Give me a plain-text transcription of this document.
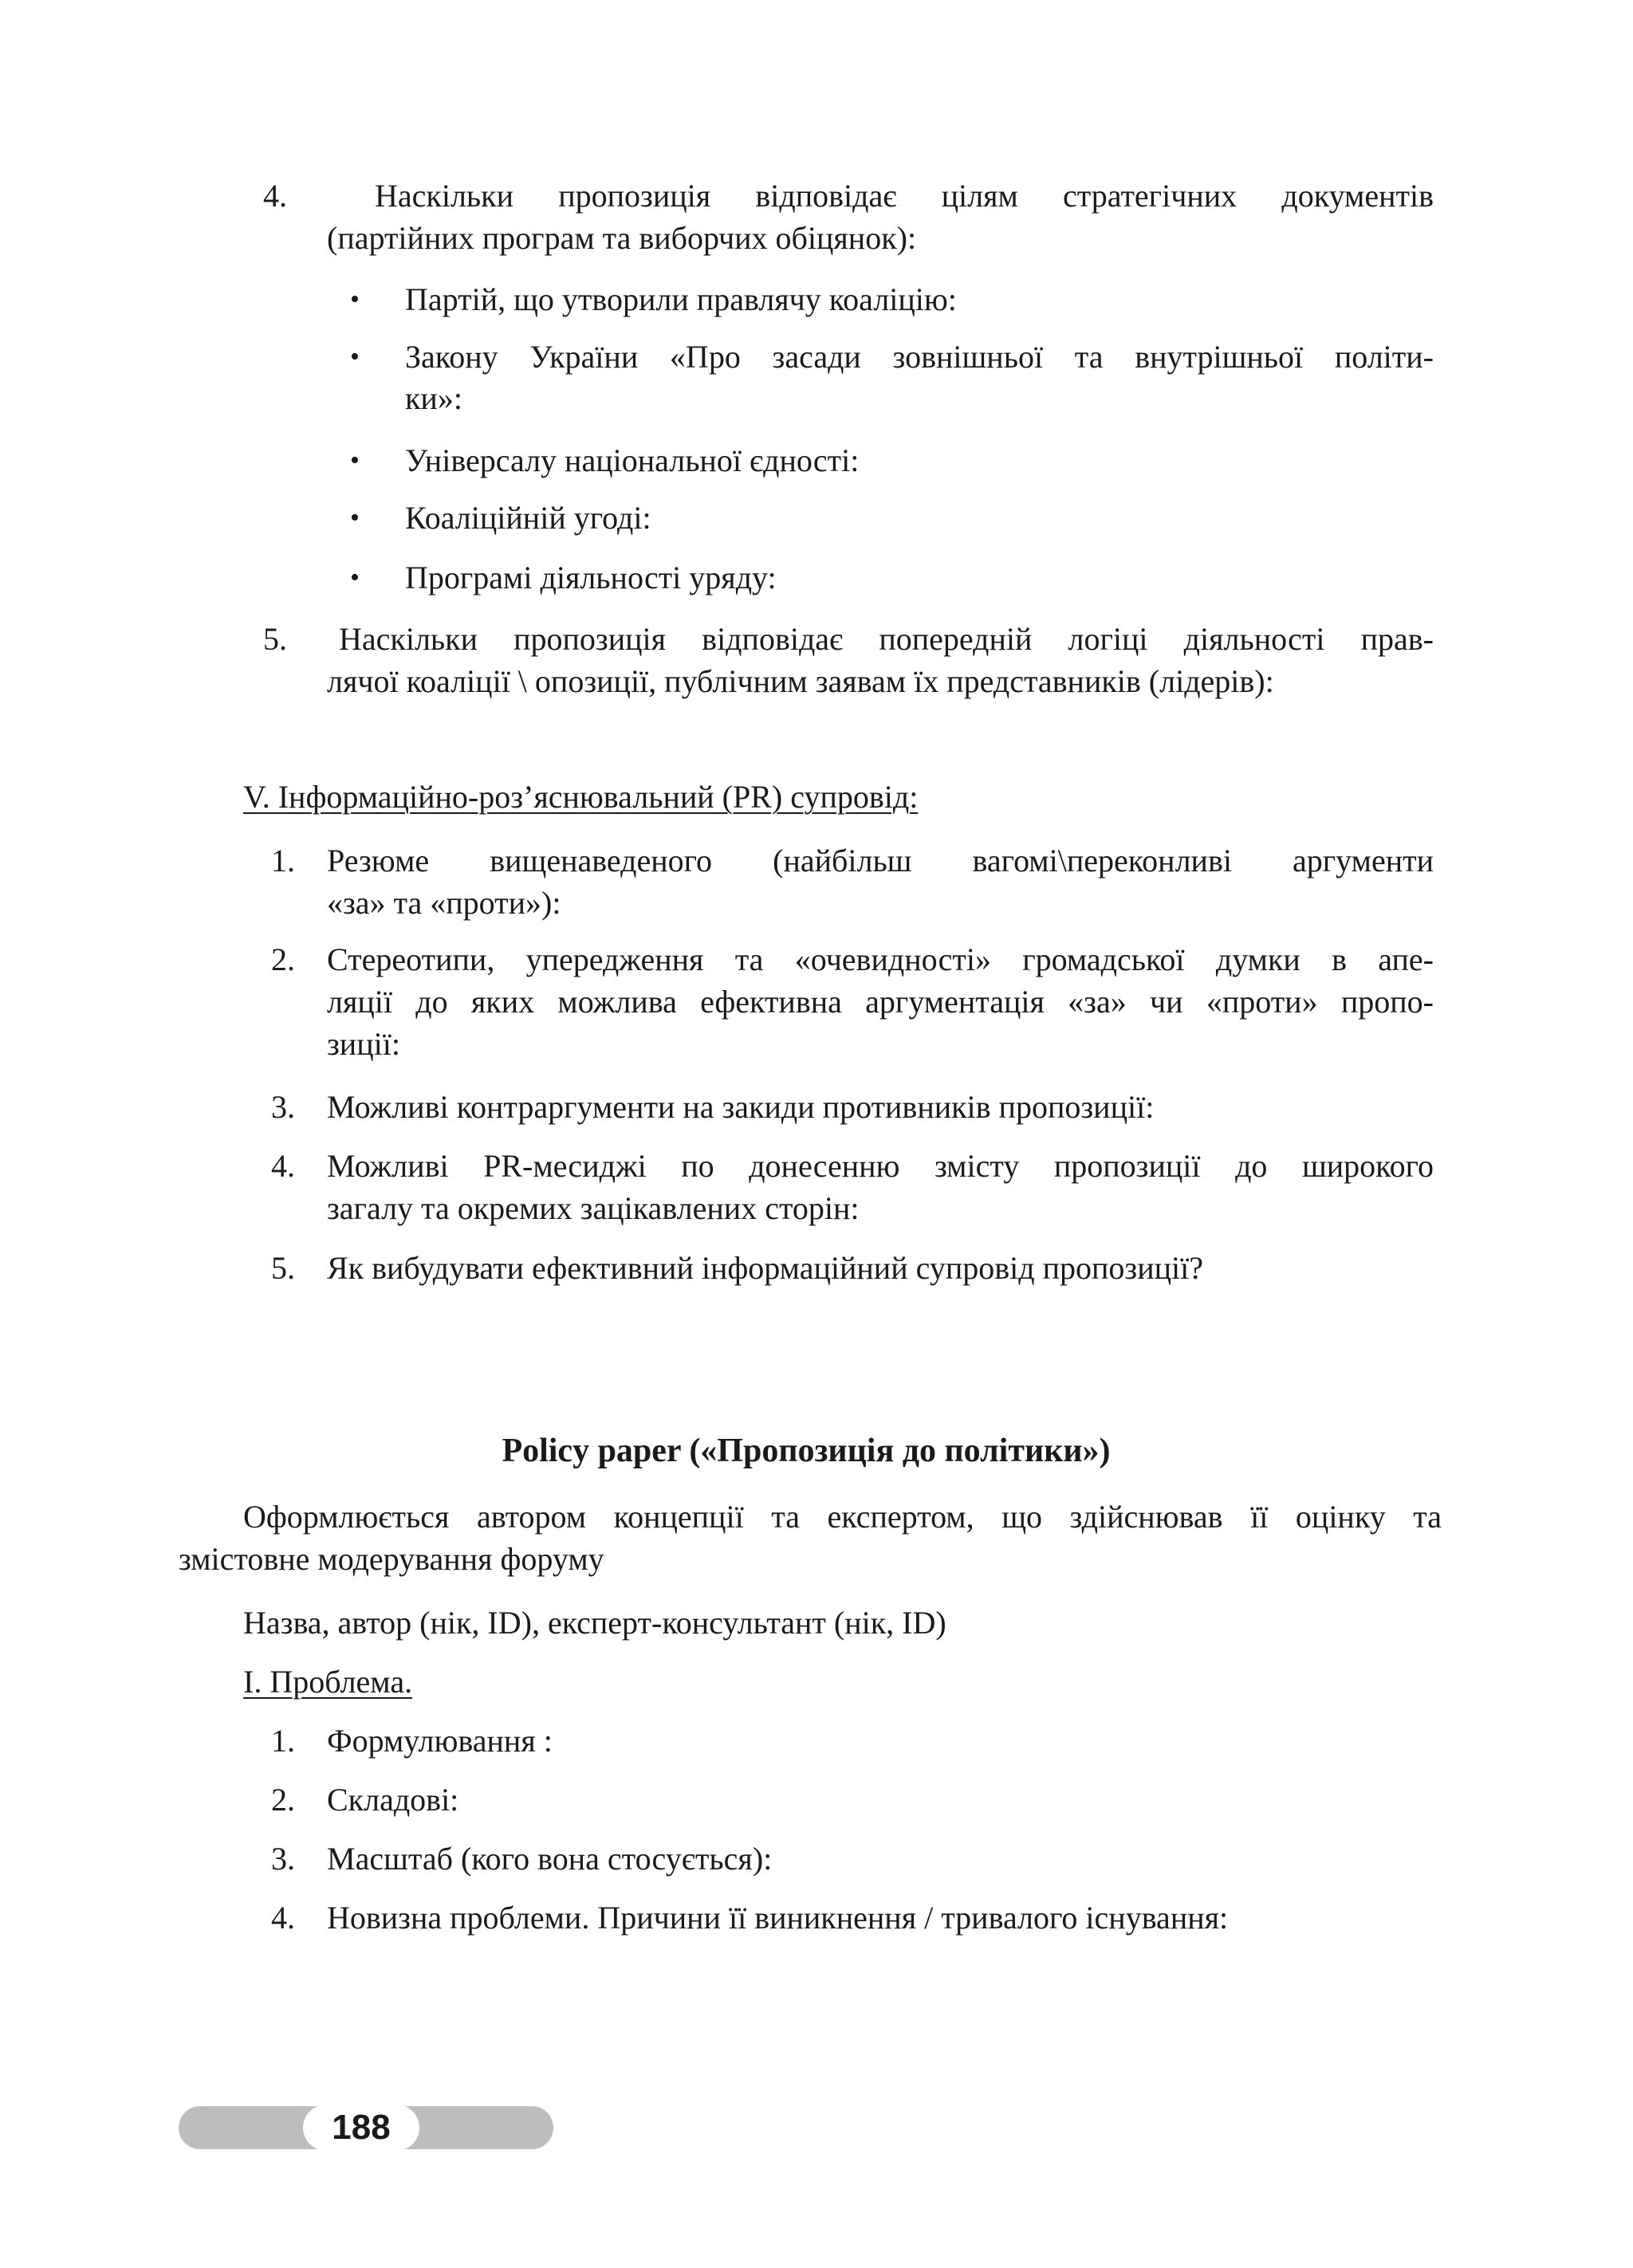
4.	Наскільки пропозиція відповідає цілям стратегічних документів
(партійних програм та виборчих обіцянок):
• Партій, що утворили правлячу коаліцію:
• Закону України «Про засади зовнішньої та внутрішньої політи-
ки»:
• Універсалу національної єдності:
• Коаліційній угоді:
• Програмі діяльності уряду:
5. Наскільки пропозиція відповідає попередній логіці діяльності прав-
лячої коаліції \ опозиції, публічним заявам їх представників (лідерів):
V. Інформаційно-роз’яснювальний (PR) супровід:
1. Резюме вищенаведеного (найбільш вагомі\переконливі аргументи
«за» та «проти»):
2. Стереотипи, упередження та «очевидності» громадської думки в апе-
ляції до яких можлива ефективна аргументація «за» чи «проти» пропо-
зиції:
3. Можливі контраргументи на закиди противників пропозиції:
4. Можливі PR-месиджі по донесенню змісту пропозиції до широкого
загалу та окремих зацікавлених сторін:
5. Як вибудувати ефективний інформаційний супровід пропозиції?
Policy paper («Пропозиція до політики»)
Оформлюється автором концепції та експертом, що здійснював її оцінку та
змістовне модерування форуму
Назва, автор (нік, ID), експерт-консультант (нік, ID)
І. Проблема.
1. Формулювання :
2. Складові:
3. Масштаб (кого вона стосується):
4. Новизна проблеми. Причини її виникнення / тривалого існування:
188
